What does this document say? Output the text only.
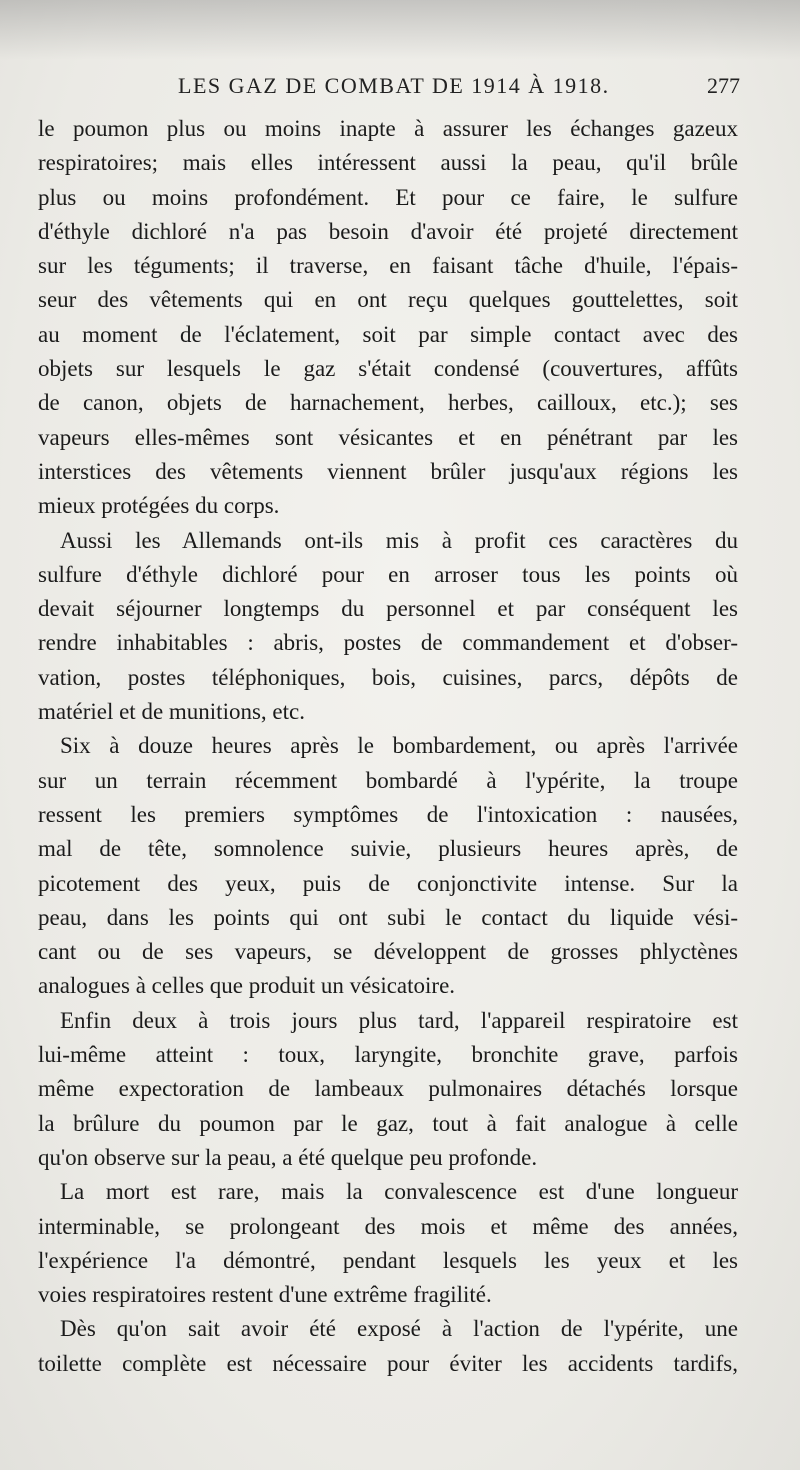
LES GAZ DE COMBAT DE 1914 À 1918.	277
le poumon plus ou moins inapte à assurer les échanges gazeux
respiratoires; mais elles intéressent aussi la peau, qu'il brûle
plus ou moins profondément. Et pour ce faire, le sulfure
d'éthyle dichloré n'a pas besoin d'avoir été projeté directement
sur les téguments; il traverse, en faisant tâche d'huile, l'épais-
seur des vêtements qui en ont reçu quelques gouttelettes, soit
au moment de l'éclatement, soit par simple contact avec des
objets sur lesquels le gaz s'était condensé (couvertures, affûts
de canon, objets de harnachement, herbes, cailloux, etc.); ses
vapeurs elles-mêmes sont vésicantes et en pénétrant par les
interstices des vêtements viennent brûler jusqu'aux régions les
mieux protégées du corps.
Aussi les Allemands ont-ils mis à profit ces caractères du
sulfure d'éthyle dichloré pour en arroser tous les points où
devait séjourner longtemps du personnel et par conséquent les
rendre inhabitables : abris, postes de commandement et d'obser-
vation, postes téléphoniques, bois, cuisines, parcs, dépôts de
matériel et de munitions, etc.
Six à douze heures après le bombardement, ou après l'arrivée
sur un terrain récemment bombardé à l'ypérite, la troupe
ressent les premiers symptômes de l'intoxication : nausées,
mal de tête, somnolence suivie, plusieurs heures après, de
picotement des yeux, puis de conjonctivite intense. Sur la
peau, dans les points qui ont subi le contact du liquide vési-
cant ou de ses vapeurs, se développent de grosses phlyctènes
analogues à celles que produit un vésicatoire.
Enfin deux à trois jours plus tard, l'appareil respiratoire est
lui-même atteint : toux, laryngite, bronchite grave, parfois
même expectoration de lambeaux pulmonaires détachés lorsque
la brûlure du poumon par le gaz, tout à fait analogue à celle
qu'on observe sur la peau, a été quelque peu profonde.
La mort est rare, mais la convalescence est d'une longueur
interminable, se prolongeant des mois et même des années,
l'expérience l'a démontré, pendant lesquels les yeux et les
voies respiratoires restent d'une extrême fragilité.
Dès qu'on sait avoir été exposé à l'action de l'ypérite, une
toilette complète est nécessaire pour éviter les accidents tardifs,
